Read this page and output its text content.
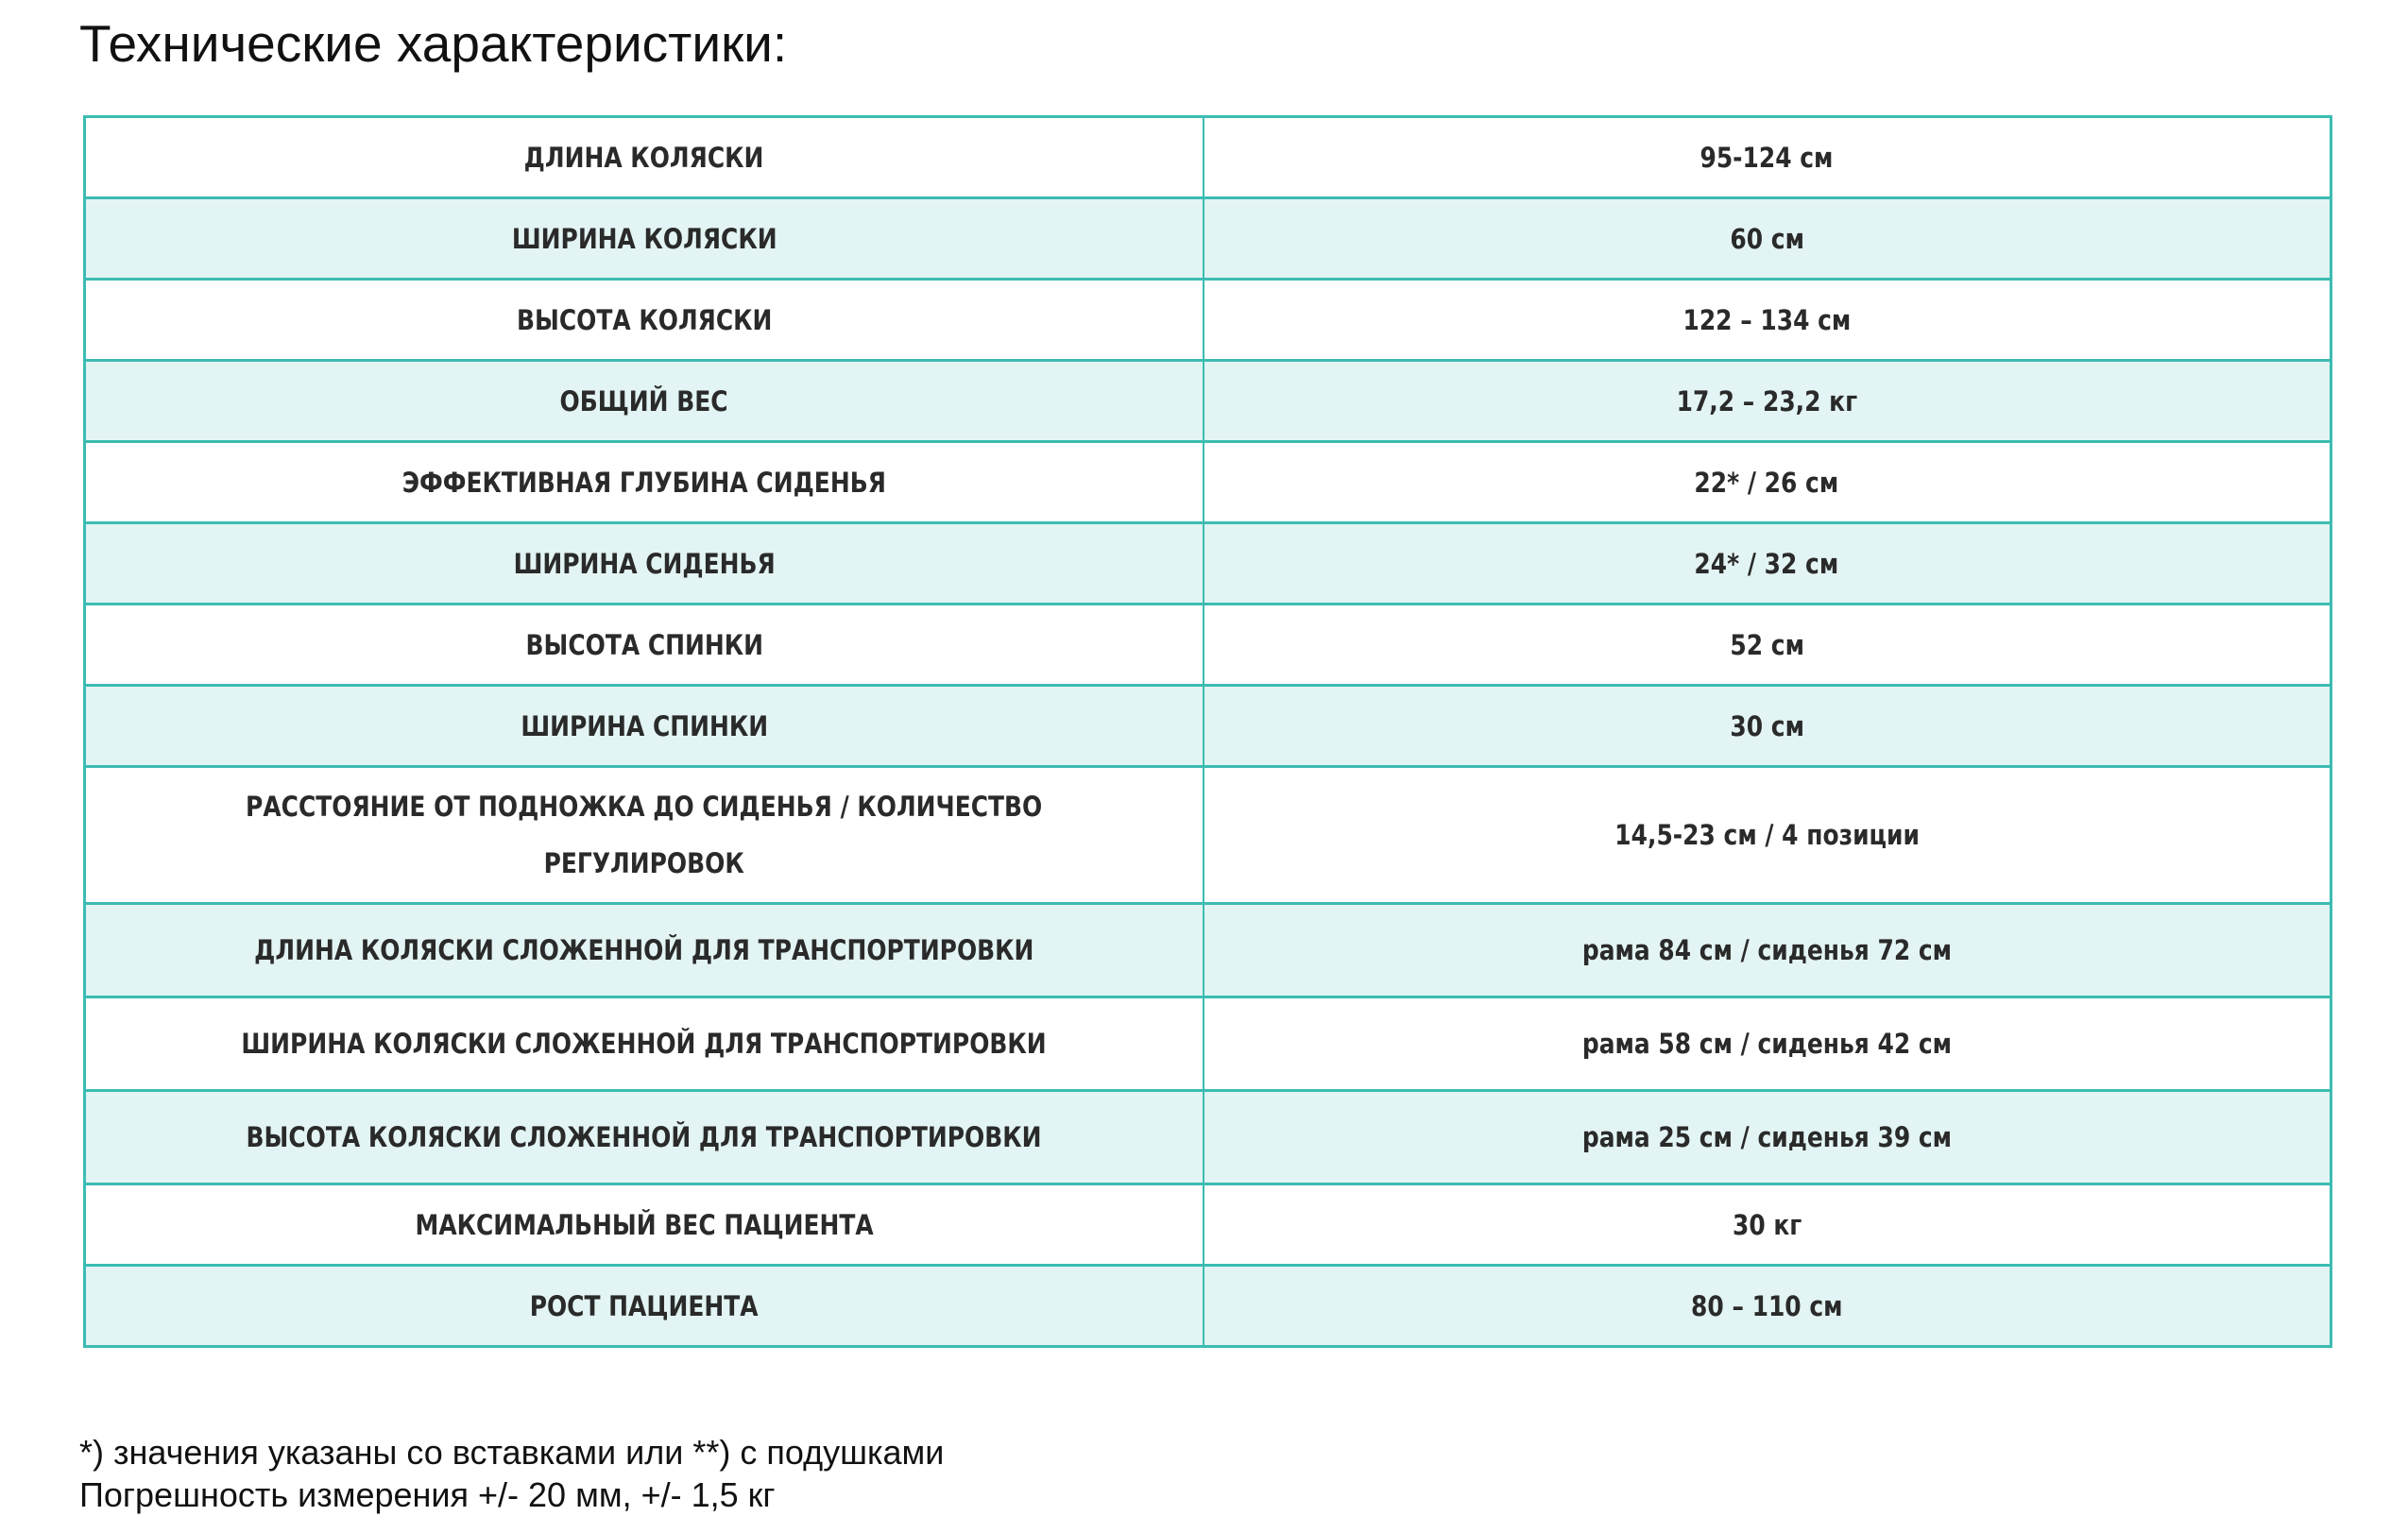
Технические характеристики:
ДЛИНА КОЛЯСКИ	95-124 см
ШИРИНА КОЛЯСКИ	60 см
ВЫСОТА КОЛЯСКИ	122 – 134 см
ОБЩИЙ ВЕС	17,2 – 23,2 кг
ЭФФЕКТИВНАЯ ГЛУБИНА СИДЕНЬЯ	22* / 26 см
ШИРИНА СИДЕНЬЯ	24* / 32 см
ВЫСОТА СПИНКИ	52 см
ШИРИНА СПИНКИ	30 см
РАССТОЯНИЕ ОТ ПОДНОЖКА ДО СИДЕНЬЯ / КОЛИЧЕСТВО РЕГУЛИРОВОК	14,5-23 см / 4 позиции
ДЛИНА КОЛЯСКИ СЛОЖЕННОЙ ДЛЯ ТРАНСПОРТИРОВКИ	рама 84 см / сиденья 72 см
ШИРИНА КОЛЯСКИ СЛОЖЕННОЙ ДЛЯ ТРАНСПОРТИРОВКИ	рама 58 см / сиденья 42 см
ВЫСОТА КОЛЯСКИ СЛОЖЕННОЙ ДЛЯ ТРАНСПОРТИРОВКИ	рама 25 см / сиденья 39 см
МАКСИМАЛЬНЫЙ ВЕС ПАЦИЕНТА	30 кг
РОСТ ПАЦИЕНТА	80 – 110 см
*) значения указаны со вставками или **) с подушками
Погрешность измерения +/- 20 мм, +/- 1,5 кг
